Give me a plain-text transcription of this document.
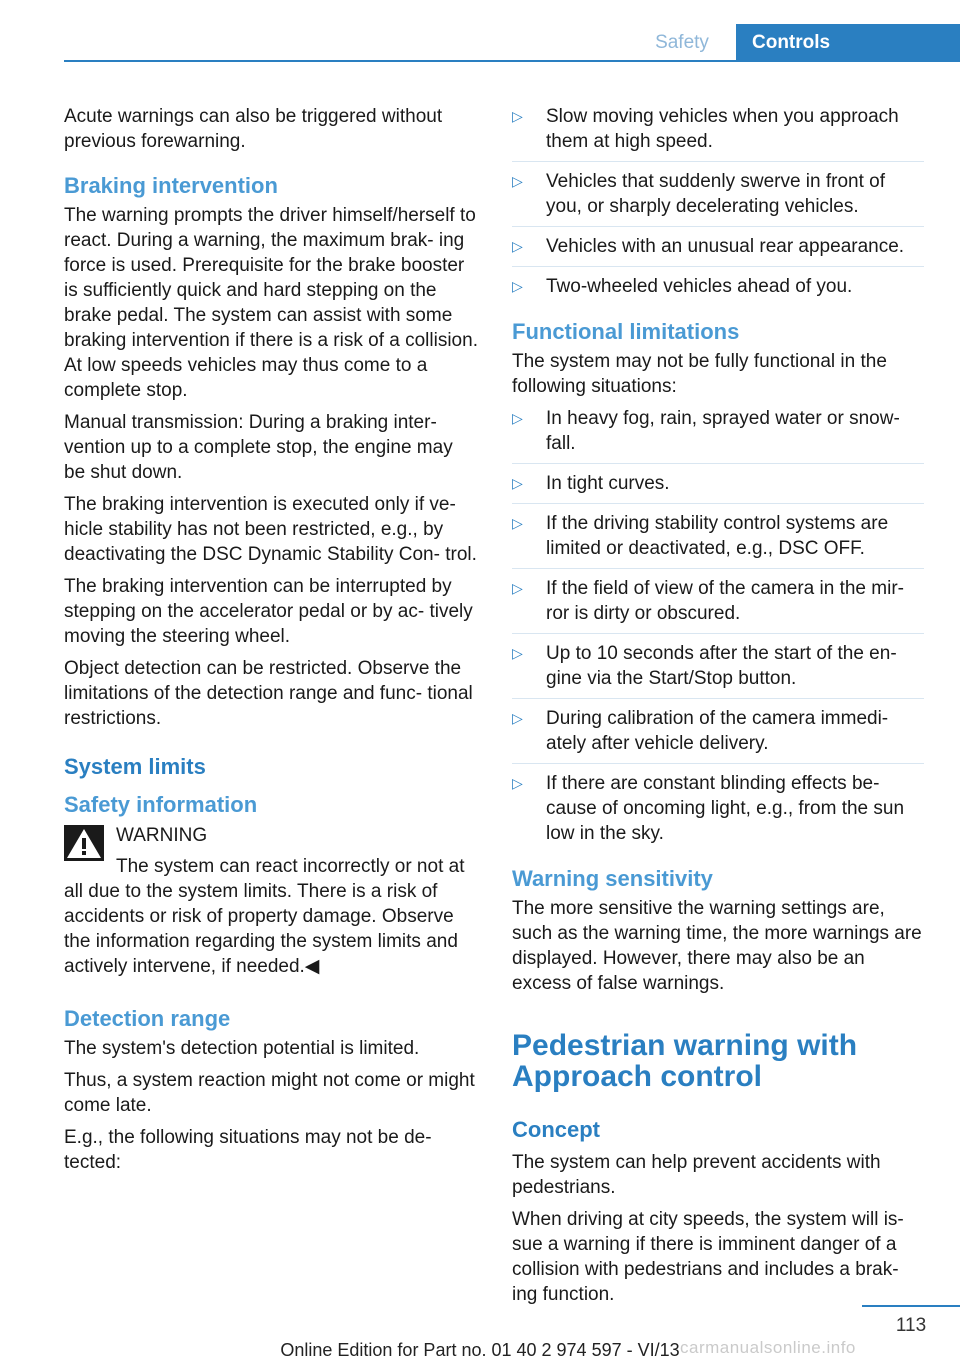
Safety	Controls

Acute warnings can also be triggered without previous forewarning.

Braking intervention

The warning prompts the driver himself/herself to react. During a warning, the maximum brak‐ ing force is used. Prerequisite for the brake booster is sufficiently quick and hard stepping on the brake pedal. The system can assist with some braking intervention if there is a risk of a collision. At low speeds vehicles may thus come to a complete stop.

Manual transmission: During a braking inter‐ vention up to a complete stop, the engine may be shut down.

The braking intervention is executed only if ve‐ hicle stability has not been restricted, e.g., by deactivating the DSC Dynamic Stability Con‐ trol.

The braking intervention can be interrupted by stepping on the accelerator pedal or by ac‐ tively moving the steering wheel.

Object detection can be restricted. Observe the limitations of the detection range and func‐ tional restrictions.

System limits
Safety information

WARNING

The system can react incorrectly or not at all due to the system limits. There is a risk of accidents or risk of property damage. Observe the information regarding the system limits and actively intervene, if needed.◀

Detection range

The system's detection potential is limited.

Thus, a system reaction might not come or might come late.

E.g., the following situations may not be de‐ tected:

▷ Slow moving vehicles when you approach them at high speed.
▷ Vehicles that suddenly swerve in front of you, or sharply decelerating vehicles.
▷ Vehicles with an unusual rear appearance.
▷ Two-wheeled vehicles ahead of you.
Functional limitations

The system may not be fully functional in the following situations:

▷ In heavy fog, rain, sprayed water or snow‐ fall.
▷ In tight curves.
▷ If the driving stability control systems are limited or deactivated, e.g., DSC OFF.
▷ If the field of view of the camera in the mir‐ ror is dirty or obscured.
▷ Up to 10 seconds after the start of the en‐ gine via the Start/Stop button.
▷ During calibration of the camera immedi‐ ately after vehicle delivery.
▷ If there are constant blinding effects be‐ cause of oncoming light, e.g., from the sun low in the sky.
Warning sensitivity

The more sensitive the warning settings are, such as the warning time, the more warnings are displayed. However, there may also be an excess of false warnings.

Pedestrian warning with Approach control
Concept

The system can help prevent accidents with pedestrians.

When driving at city speeds, the system will is‐ sue a warning if there is imminent danger of a collision with pedestrians and includes a brak‐ ing function.

113
Online Edition for Part no. 01 40 2 974 597 - VI/13 carmanualsonline.info
